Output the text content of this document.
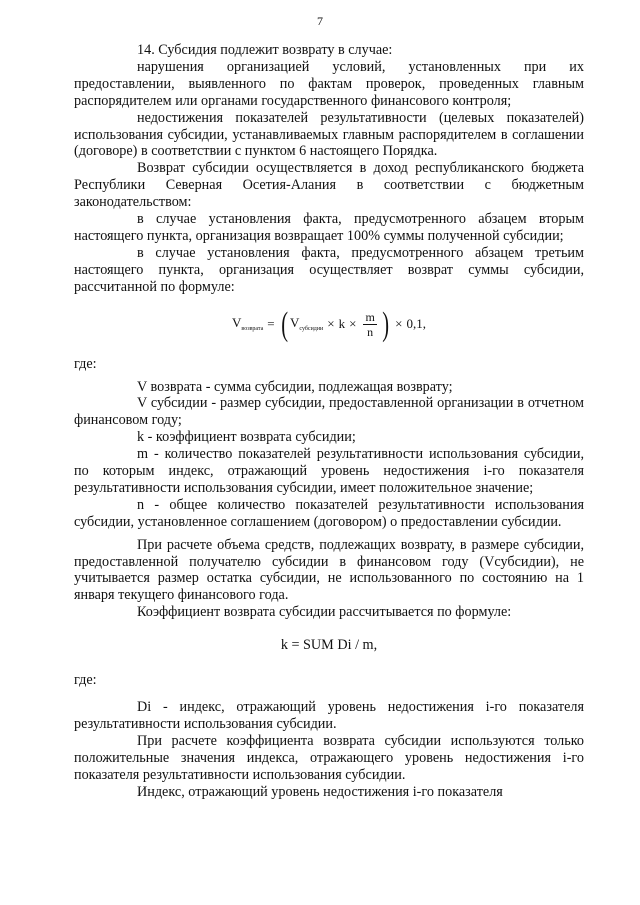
7

14. Субсидия подлежит возврату в случае:

нарушения организацией условий, установленных при их предоставлении, выявленного по фактам проверок, проведенных главным распорядителем или органами государственного финансового контроля;

недостижения показателей результативности (целевых показателей) использования субсидии, устанавливаемых главным распорядителем в соглашении (договоре) в соответствии с пунктом 6 настоящего Порядка.

Возврат субсидии осуществляется в доход республиканского бюджета Республики Северная Осетия-Алания в соответствии с бюджетным законодательством:

в случае установления факта, предусмотренного абзацем вторым настоящего пункта, организация возвращает 100% суммы полученной субсидии;

в случае установления факта, предусмотренного абзацем третьим настоящего пункта, организация осуществляет возврат суммы субсидии, рассчитанной по формуле:

$V_{возврата}$ = ( $V_{субсидии} \times k \times \frac{m}{n}$ ) × 0,1,

где:

V возврата - сумма субсидии, подлежащая возврату;

V субсидии - размер субсидии, предоставленной организации в отчетном финансовом году;

k - коэффициент возврата субсидии;

m - количество показателей результативности использования субсидии, по которым индекс, отражающий уровень недостижения i-го показателя результативности использования субсидии, имеет положительное значение;

n - общее количество показателей результативности использования субсидии, установленное соглашением (договором) о предоставлении субсидии.

При расчете объема средств, подлежащих возврату, в размере субсидии, предоставленной получателю субсидии в финансовом году (Vсубсидии), не учитывается размер остатка субсидии, не использованного по состоянию на 1 января текущего финансового года.

Коэффициент возврата субсидии рассчитывается по формуле:

k = SUM Di / m,

где:

Di - индекс, отражающий уровень недостижения i-го показателя результативности использования субсидии.

При расчете коэффициента возврата субсидии используются только положительные значения индекса, отражающего уровень недостижения i-го показателя результативности использования субсидии.

Индекс, отражающий уровень недостижения i-го показателя
